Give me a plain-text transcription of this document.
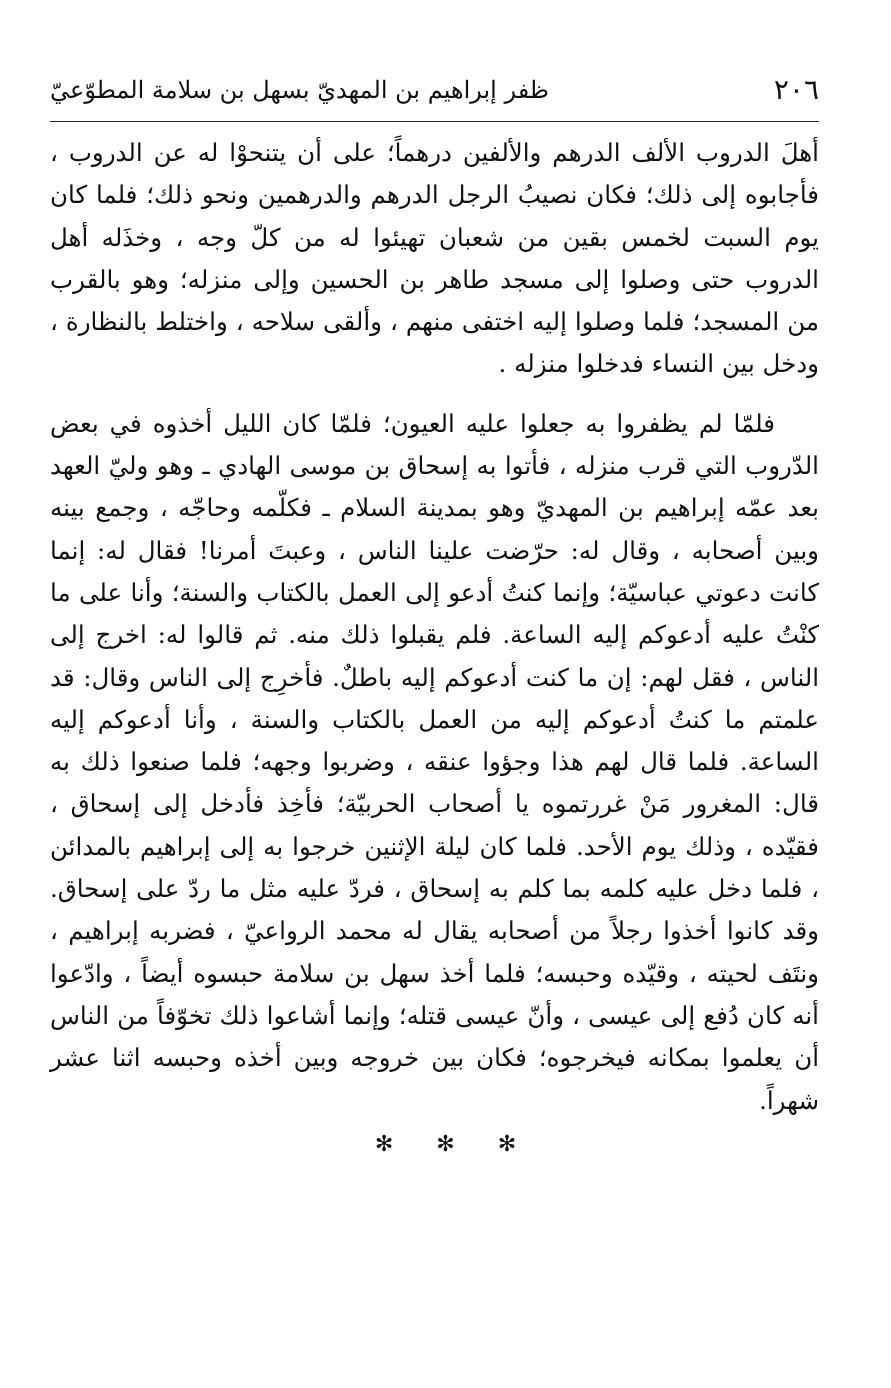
٢٠٦
ظفر إبراهيم بن المهديّ بسهل بن سلامة المطوّعيّ

أهلَ الدروب الألف الدرهم والألفين درهماً؛ على أن يتنحوْا له عن الدروب ، فأجابوه إلى ذلك؛ فكان نصيبُ الرجل الدرهم والدرهمين ونحو ذلك؛ فلما كان يوم السبت لخمس بقين من شعبان تهيئوا له من كلّ وجه ، وخذَله أهل الدروب حتى وصلوا إلى مسجد طاهر بن الحسين وإلى منزله؛ وهو بالقرب من المسجد؛ فلما وصلوا إليه اختفى منهم ، وألقى سلاحه ، واختلط بالنظارة ، ودخل بين النساء فدخلوا منزله .

فلمّا لم يظفروا به جعلوا عليه العيون؛ فلمّا كان الليل أخذوه في بعض الدّروب التي قرب منزله ، فأتوا به إسحاق بن موسى الهادي ـ وهو وليّ العهد بعد عمّه إبراهيم بن المهديّ وهو بمدينة السلام ـ فكلّمه وحاجّه ، وجمع بينه وبين أصحابه ، وقال له: حرّضت علينا الناس ، وعبتَ أمرنا! فقال له: إنما كانت دعوتي عباسيّة؛ وإنما كنتُ أدعو إلى العمل بالكتاب والسنة؛ وأنا على ما كنْتُ عليه أدعوكم إليه الساعة. فلم يقبلوا ذلك منه. ثم قالوا له: اخرج إلى الناس ، فقل لهم: إن ما كنت أدعوكم إليه باطلٌ. فأخرِج إلى الناس وقال: قد علمتم ما كنتُ أدعوكم إليه من العمل بالكتاب والسنة ، وأنا أدعوكم إليه الساعة. فلما قال لهم هذا وجؤوا عنقه ، وضربوا وجهه؛ فلما صنعوا ذلك به قال: المغرور مَنْ غررتموه يا أصحاب الحربيّة؛ فأخِذ فأدخل إلى إسحاق ، فقيّده ، وذلك يوم الأحد. فلما كان ليلة الإثنين خرجوا به إلى إبراهيم بالمدائن ، فلما دخل عليه كلمه بما كلم به إسحاق ، فردّ عليه مثل ما ردّ على إسحاق. وقد كانوا أخذوا رجلاً من أصحابه يقال له محمد الرواعيّ ، فضربه إبراهيم ، ونتَف لحيته ، وقيّده وحبسه؛ فلما أخذ سهل بن سلامة حبسوه أيضاً ، وادّعوا أنه كان دُفع إلى عيسى ، وأنّ عيسى قتله؛ وإنما أشاعوا ذلك تخوّفاً من الناس أن يعلموا بمكانه فيخرجوه؛ فكان بين خروجه وبين أخذه وحبسه اثنا عشر شهراً.

✻ ✻ ✻
